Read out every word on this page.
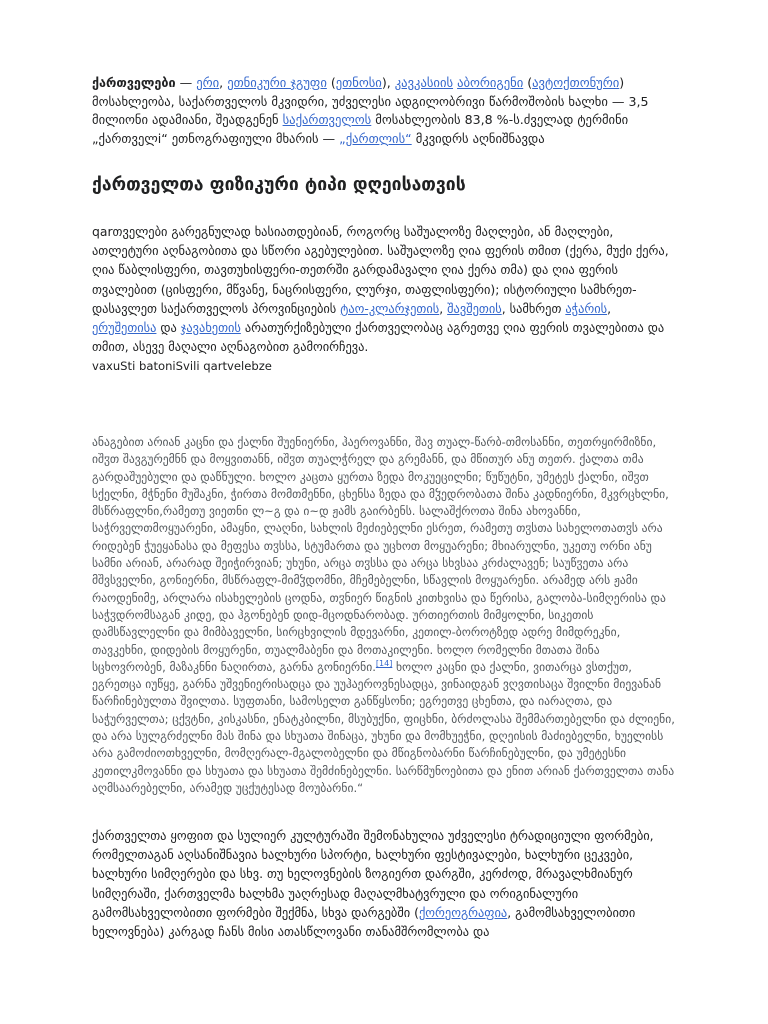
ქართველები — ერი, ეთნიკური ჯგუფი (ეთნოსი), კავკასიის აბორიგენი (ავტოქთონური) მოსახლეობა, საქართველოს მკვიდრი, უძველესი ადგილობრივი წარმოშობის ხალხი — 3,5 მილიონი ადამიანი, შეადგენენ საქართველოს მოსახლეობის 83,8 %-ს.ძველად ტერმინი „ქართველi“ ეთნოგრაფიული მხარის — „ქართლის“ მკვიდრს აღნიშნავდა
ქართველთა ფიზიკური ტიპი დღეისათვის
qarთველები გარეგნულად ხასიათდებიან, როგორც საშუალოზე მაღლები, ან მაღლები, ათლეტური აღნაგობითა და სწორი აგებულებით. საშუალოზე ღია ფერის თმით (ქერა, მუქი ქერა, ღია წაბლისფერი, თავთუხისფერი-თეთრში გარდამავალი ღია ქერა თმა) და ღია ფერის თვალებით (ცისფერი, მწვანე, ნაცრისფერი, ლურჯი, თაფლისფერი); ისტორიული სამხრეთ-დასავლეთ საქართველოს პროვინციების ტაო-კლარჯეთის, შავშეთის, სამხრეთ აჭარის, ერუშეთისა და ჯავახეთის არათურქიზებული ქართველობაც აგრეთვე ღია ფერის თვალებითა და თმით, ასევე მაღალი აღნაგობით გამოირჩევა.
vaxuSti batoniSvili qartvelebze
ანაგებით არიან კაცნი და ქალნი შუენიერნი, ჰაეროვანნი, შავ თუალ-წარბ-თმოსანნი, თეთრყირმიზნი, იშჳთ შავგურემნნ და მოყვითანნ, იშჳთ თუალჭრელ და გრემანნ, და მწითურ ანუ თეთრ. ქალთა თმა გარდაშუებული და დაწნული. ხოლო კაცთა ყურთა ზედა მოკუეცილნი; წუწუტნი, უმეტეს ქალნი, იშჳთ სქელნი, მჭნენი მუშაკნი, ჭირთა მომთმენნი, ცხენსა ზედა და მჴედრობათა შინა კადნიერნი, მკვრცხლნი, მსწრაფლნი,რამეთუ ვიეთნი ლ~გ და ი~დ ჟამს გაირბენს. სალაშქროთა შინა ახოვანნი, საჭრველთმოყუარენი, ამაყნი, ლაღნი, სახლის მეძიებელნი ესრეთ, რამეთუ თჳსთა სახელოთათჳს არა რიდებენ ჭუეყანასა და მეფესა თჳსსა, სტუმართა და უცხოთ მოყუარენი; მხიარულნი, უკეთუ ორნი ანუ სამნი არიან, არარად შეიჭირვიან; უხუნი, არცა თჳსსა და არცა სხვსაა კრძალავენ; საუწჳეთა არა მშვსველნი, გონიერნი, მსწრაფლ-მიმჴდომნი, მჩემებელნი, სწავლის მოყუარენი. არამედ არს ჟამი რაოდენიმე, არლარა ისახელების ცოდნა, თჳნიერ წიგნის კითხვისა და წერისა, გალობა-სიმღერისა და საჭჳდრომსაგან კიდე, და ჰგონებენ დიდ-მცოდნარობად. ურთიერთის მიმყოლნი, სიკეთის დამსწავლელნი და მიმბაველნი, სირცხვილის მდევარნი, კეთილ-ბოროტზედ ადრე მიმდრეკნი, თავკეხნი, დიდების მოყურენი, თუალმაბენი და მოთაკილენი. ხოლო რომელნი მთათა შინა სცხოვრობენ, მაზაკნნი ნაღირთა, გარნა გონიერნი.[14] ხოლო კაცნი და ქალნი, ვითარცა ვსთქუთ, ეგრეთცა იუწყე, გარნა უშვენიერისადცა და უუჰაეროვნესადცა, ვინაიდგან ვღვთისაცა შვილნი მიევანან წარჩინებულთა შვილთა. სუფთანი, სამოსელთ განწყსონი; ეგრეთვე ცხენთა, და იარაღთა, და საჭურველთა; ცქჳტნი, კისკასნი, ენატკბილნი, მსუბუქნი, ფიცხნი, ბრძოლასა შემმართებელნი და ძლიენი, და არა სულგრძელნი მას შინა და სხუათა შინაცა, უხუნი და მომხუეჭნი, დღეისის მაძიებელნი, ხუელისს არა გამოძიოთხველნი, მომღერალ-მგალობელნი და მწიგნობარნი წარჩინებულნი, და უმეტესნი კეთილკმოვანნი და სხუათა და სხუათა შემძინებელნი. სარწმუნოებითა და ენით არიან ქართველთა თანა აღმსაარებელნი, არამედ უცქუტესად მოუბარნი.“
ქართველთა ყოფით და სულიერ კულტურაში შემონახულია უძველესი ტრადიციული ფორმები, რომელთაგან აღსანიშნავია ხალხური სპორტი, ხალხური ფესტივალები, ხალხური ცეკვები, ხალხური სიმღერები და სხვ. თუ ხელოვნების ზოგიერთ დარგში, კერძოდ, მრავალხმიანურ სიმღერაში, ქართველმა ხალხმა უაღრესად მაღალმხატვრული და ორიგინალური გამომსახველობითი ფორმები შექმნა, სხვა დარგებში (ქორეოგრაფია, გამომსახველობითი ხელოვნება) კარგად ჩანს მისი ათასწლოვანი თანამშრომლობა და
